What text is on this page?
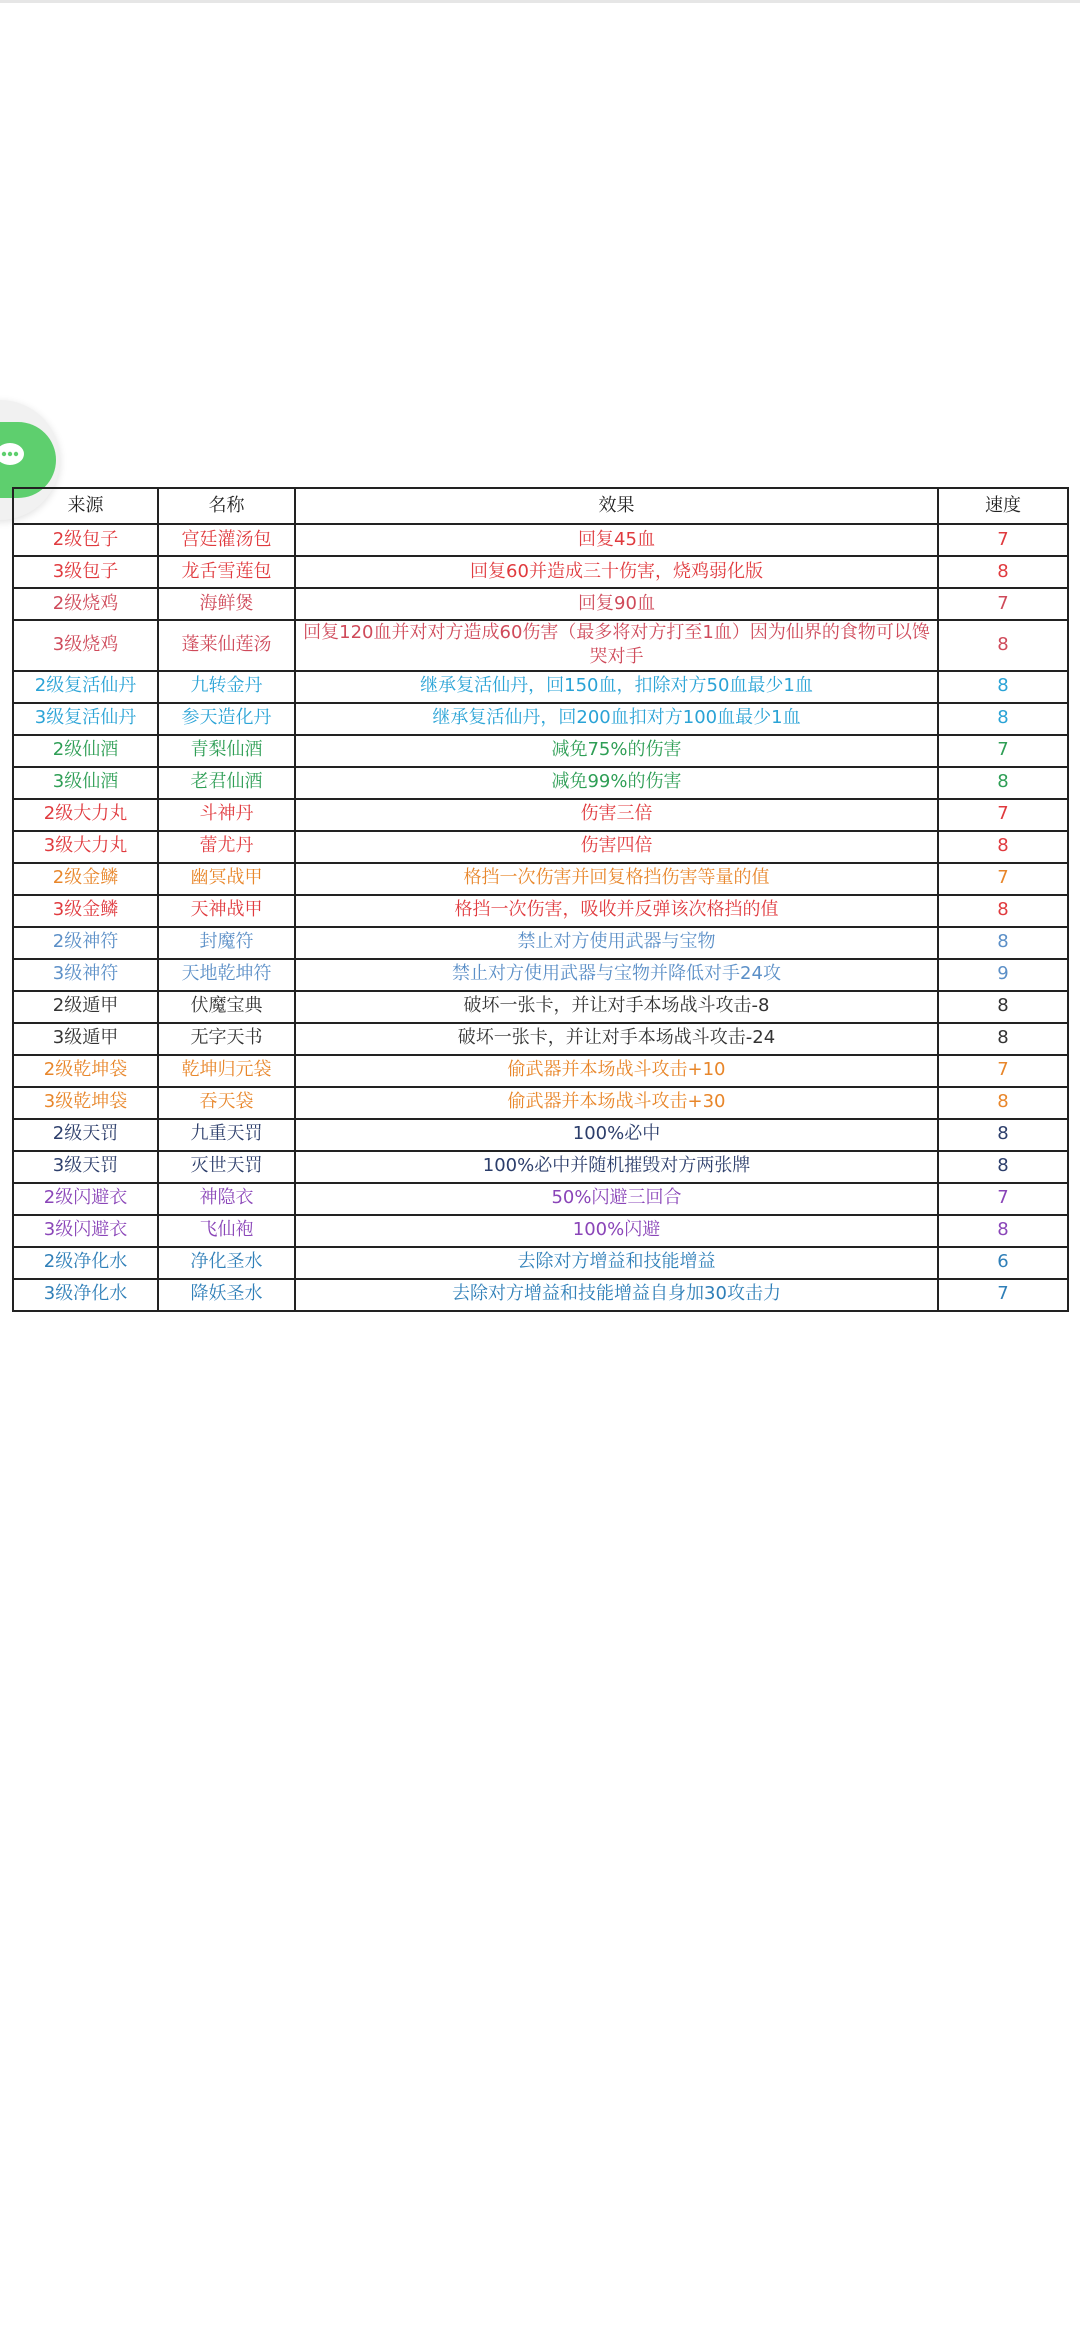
来源	名称	效果	速度
2级包子	宫廷灌汤包	回复45血	7
3级包子	龙舌雪莲包	回复60并造成三十伤害，烧鸡弱化版	8
2级烧鸡	海鲜煲	回复90血	7
3级烧鸡	蓬莱仙莲汤	回复120血并对对方造成60伤害（最多将对方打至1血）因为仙界的食物可以馋哭对手	8
2级复活仙丹	九转金丹	继承复活仙丹，回150血，扣除对方50血最少1血	8
3级复活仙丹	参天造化丹	继承复活仙丹，回200血扣对方100血最少1血	8
2级仙酒	青梨仙酒	减免75%的伤害	7
3级仙酒	老君仙酒	减免99%的伤害	8
2级大力丸	斗神丹	伤害三倍	7
3级大力丸	蕾尤丹	伤害四倍	8
2级金鳞	幽冥战甲	格挡一次伤害并回复格挡伤害等量的值	7
3级金鳞	天神战甲	格挡一次伤害，吸收并反弹该次格挡的值	8
2级神符	封魔符	禁止对方使用武器与宝物	8
3级神符	天地乾坤符	禁止对方使用武器与宝物并降低对手24攻	9
2级遁甲	伏魔宝典	破坏一张卡，并让对手本场战斗攻击-8	8
3级遁甲	无字天书	破坏一张卡，并让对手本场战斗攻击-24	8
2级乾坤袋	乾坤归元袋	偷武器并本场战斗攻击+10	7
3级乾坤袋	吞天袋	偷武器并本场战斗攻击+30	8
2级天罚	九重天罚	100%必中	8
3级天罚	灭世天罚	100%必中并随机摧毁对方两张牌	8
2级闪避衣	神隐衣	50%闪避三回合	7
3级闪避衣	飞仙袍	100%闪避	8
2级净化水	净化圣水	去除对方增益和技能增益	6
3级净化水	降妖圣水	去除对方增益和技能增益自身加30攻击力	7
